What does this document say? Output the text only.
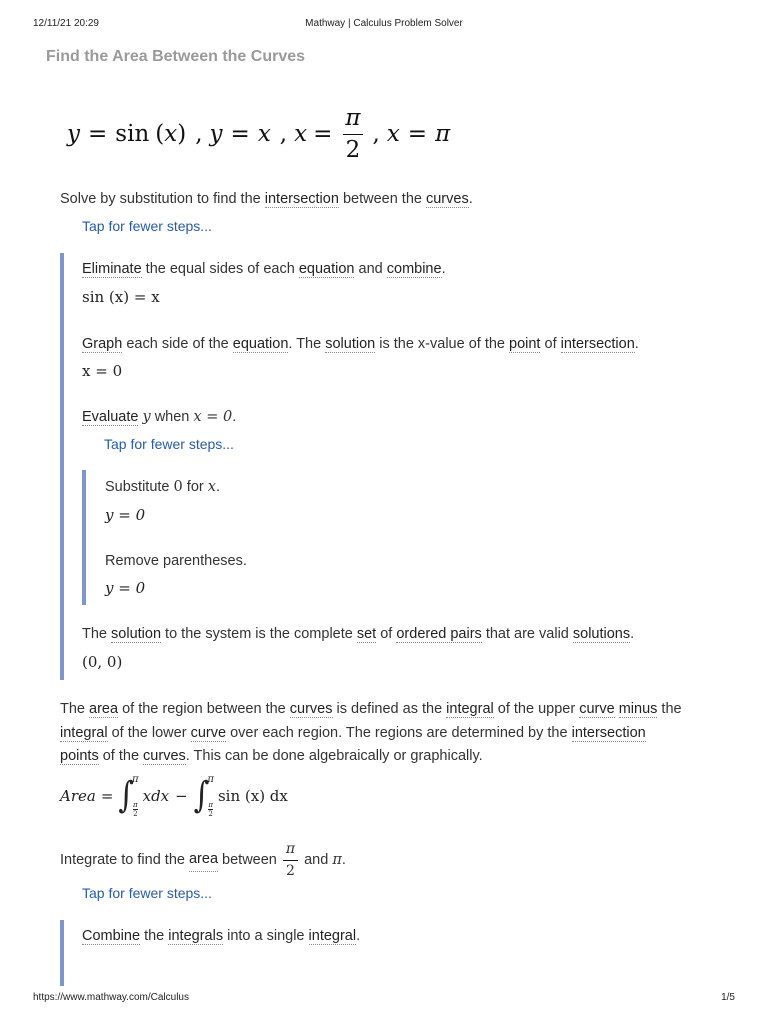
12/11/21 20:29	Mathway | Calculus Problem Solver
Find the Area Between the Curves
y = sin ( x ) , y = x , $x = \frac{\pi}{2}$ , x = π
Solve by substitution to find the intersection between the curves.
Tap for fewer steps...
Eliminate the equal sides of each equation and combine.
sin (x) = x
Graph each side of the equation. The solution is the x-value of the point of intersection.
x = 0
Evaluate y when x = 0.
Tap for fewer steps...
Substitute 0 for x.
y = 0
Remove parentheses.
y = 0
The solution to the system is the complete set of ordered pairs that are valid solutions.
(0, 0)
The area of the region between the curves is defined as the integral of the upper curve minus the
integral of the lower curve over each region. The regions are determined by the intersection
points of the curves. This can be done algebraically or graphically.
Area = ∫
π
$\frac{\pi}{2}$
xdx − ∫
π
$\frac{\pi}{2}$
sin (x) dx
Integrate to find the
area
between $\frac{\pi}{2}$ and
π .
Tap for fewer steps...
Combine the integrals into a single integral.
https://www.mathway.com/Calculus	1/5
